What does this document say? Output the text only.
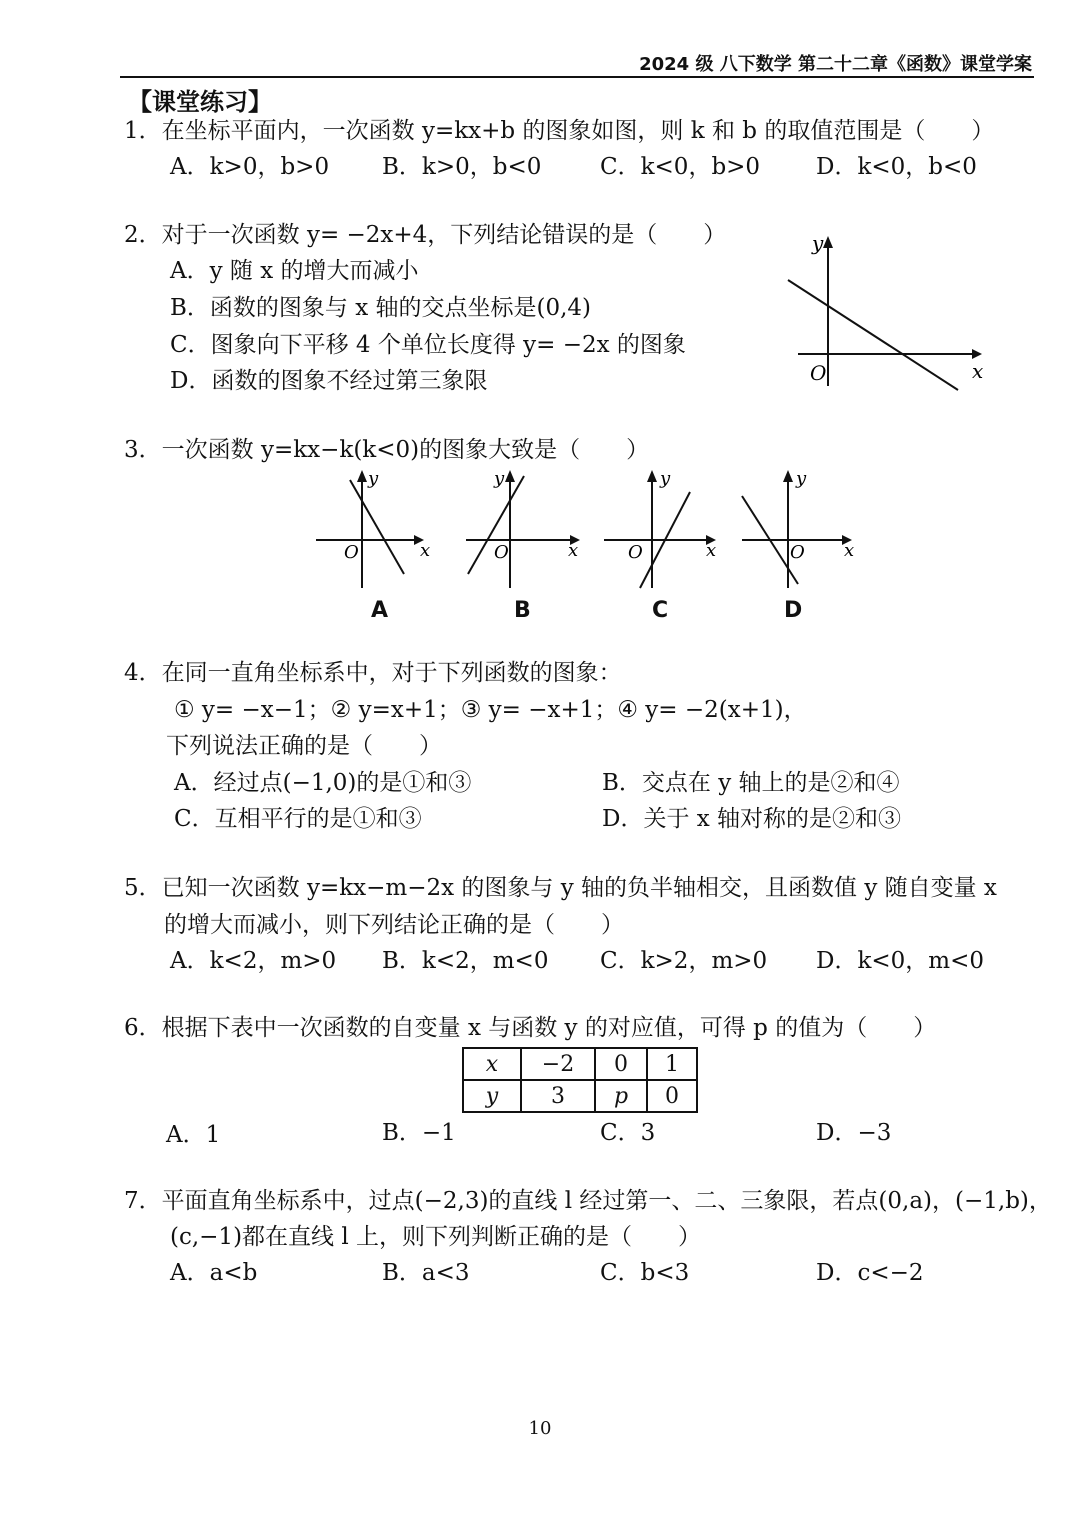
2024 级 八下数学 第二十二章《函数》课堂学案
【课堂练习】
1．在坐标平面内，一次函数 y=kx+b 的图象如图，则 k 和 b 的取值范围是（　　）
A．k>0，b>0 B．k>0，b<0	C．k<0，b>0 D．k<0，b<0
2．对于一次函数 y= −2x+4，下列结论错误的是（　　）
A．y 随 x 的增大而减小
B．函数的图象与 x 轴的交点坐标是(0,4)
C．图象向下平移 4 个单位长度得 y= −2x 的图象
D．函数的图象不经过第三象限
y
O	x
3．一次函数 y=kx−k(k<0)的图象大致是（　　）
y
O	x
y
O	x
y
O	x
y
O x
A	B	C	D
4．在同一直角坐标系中，对于下列函数的图象：
① y= −x−1；② y=x+1；③ y= −x+1；④ y= −2(x+1)，
下列说法正确的是（　　）
A．经过点(−1,0)的是①和③	B．交点在 y 轴上的是②和④
C．互相平行的是①和③	D．关于 x 轴对称的是②和③
5．已知一次函数 y=kx−m−2x 的图象与 y 轴的负半轴相交，且函数值 y 随自变量 x
的增大而减小，则下列结论正确的是（　　）
A．k<2，m>0 B．k<2，m<0 C．k>2，m>0 D．k<0，m<0
6．根据下表中一次函数的自变量 x 与函数 y 的对应值，可得 p 的值为（　　）
x	−2	0	1
y	3	p	0
A．1	B．−1	C．3	D．−3
7．平面直角坐标系中，过点(−2,3)的直线 l 经过第一、二、三象限，若点(0,a)，(−1,b)，
(c,−1)都在直线 l 上，则下列判断正确的是（　　）
A．a<b	B．a<3	C．b<3	D．c<−2
10
